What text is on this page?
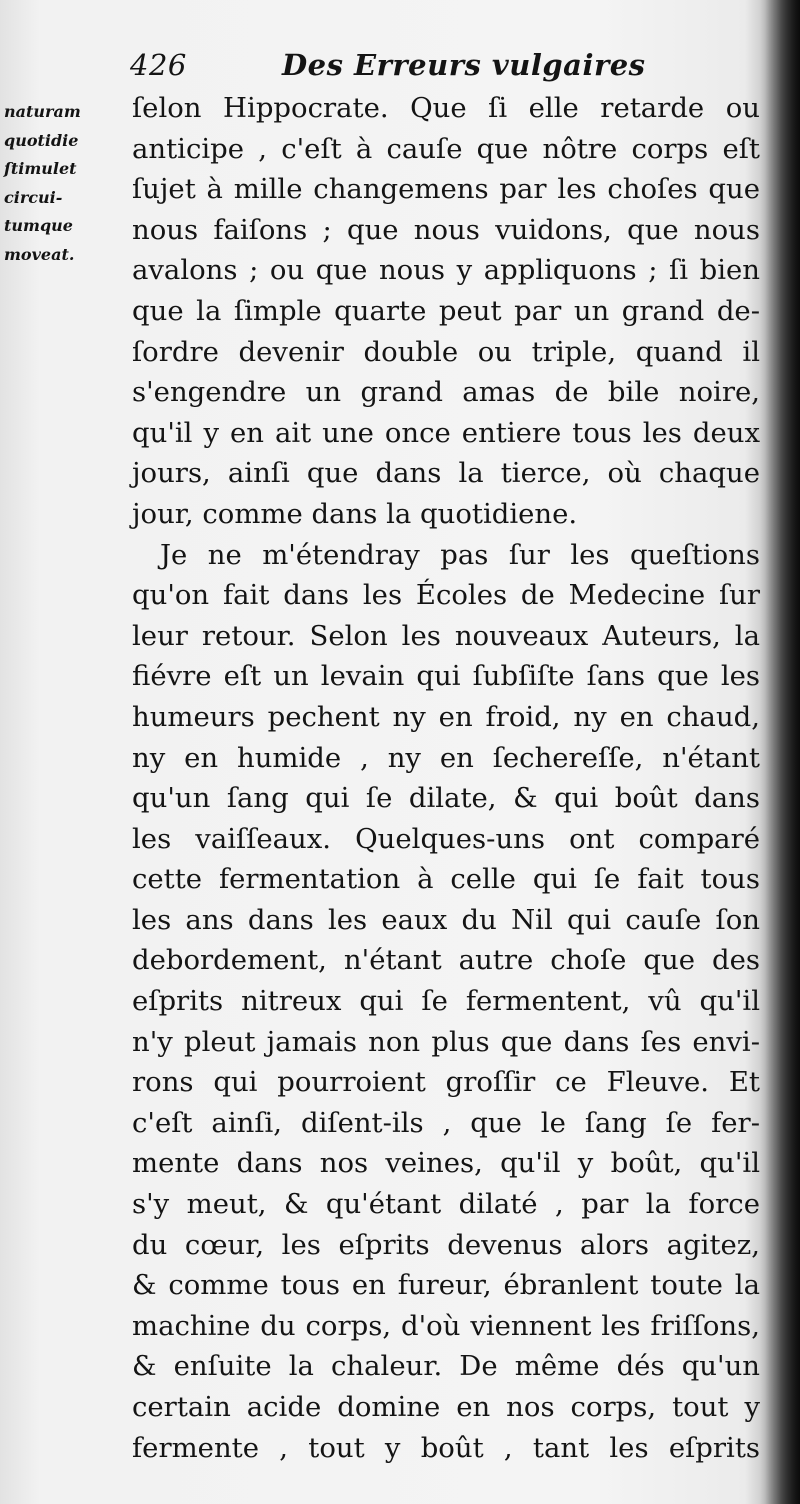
426	Des Erreurs vulgaires
naturam
quotidie
ſtimulet
circui-
tumque
moveat.
ſelon Hippocrate. Que ſi elle retarde ou
anticipe , c'eſt à cauſe que nôtre corps eſt
ſujet à mille changemens par les choſes que
nous faiſons ; que nous vuidons, que nous
avalons ; ou que nous y appliquons ; ſi bien
que la ſimple quarte peut par un grand de-
ſordre devenir double ou triple, quand il
s'engendre un grand amas de bile noire,
qu'il y en ait une once entiere tous les deux
jours, ainſi que dans la tierce, où chaque
jour, comme dans la quotidiene.
Je ne m'étendray pas ſur les queſtions
qu'on fait dans les Écoles de Medecine ſur
leur retour. Selon les nouveaux Auteurs, la
fiévre eſt un levain qui ſubſiſte ſans que les
humeurs pechent ny en froid, ny en chaud,
ny en humide , ny en ſechereſſe, n'étant
qu'un ſang qui ſe dilate, & qui boût dans
les vaiſſeaux. Quelques-uns ont comparé
cette fermentation à celle qui ſe fait tous
les ans dans les eaux du Nil qui cauſe ſon
debordement, n'étant autre choſe que des
eſprits nitreux qui ſe fermentent, vû qu'il
n'y pleut jamais non plus que dans ſes envi-
rons qui pourroient groſſir ce Fleuve. Et
c'eſt ainſi, diſent-ils , que le ſang ſe fer-
mente dans nos veines, qu'il y boût, qu'il
s'y meut, & qu'étant dilaté , par la force
du cœur, les eſprits devenus alors agitez,
& comme tous en fureur, ébranlent toute la
machine du corps, d'où viennent les friſſons,
& enſuite la chaleur. De même dés qu'un
certain acide domine en nos corps, tout y
fermente , tout y boût , tant les eſprits
